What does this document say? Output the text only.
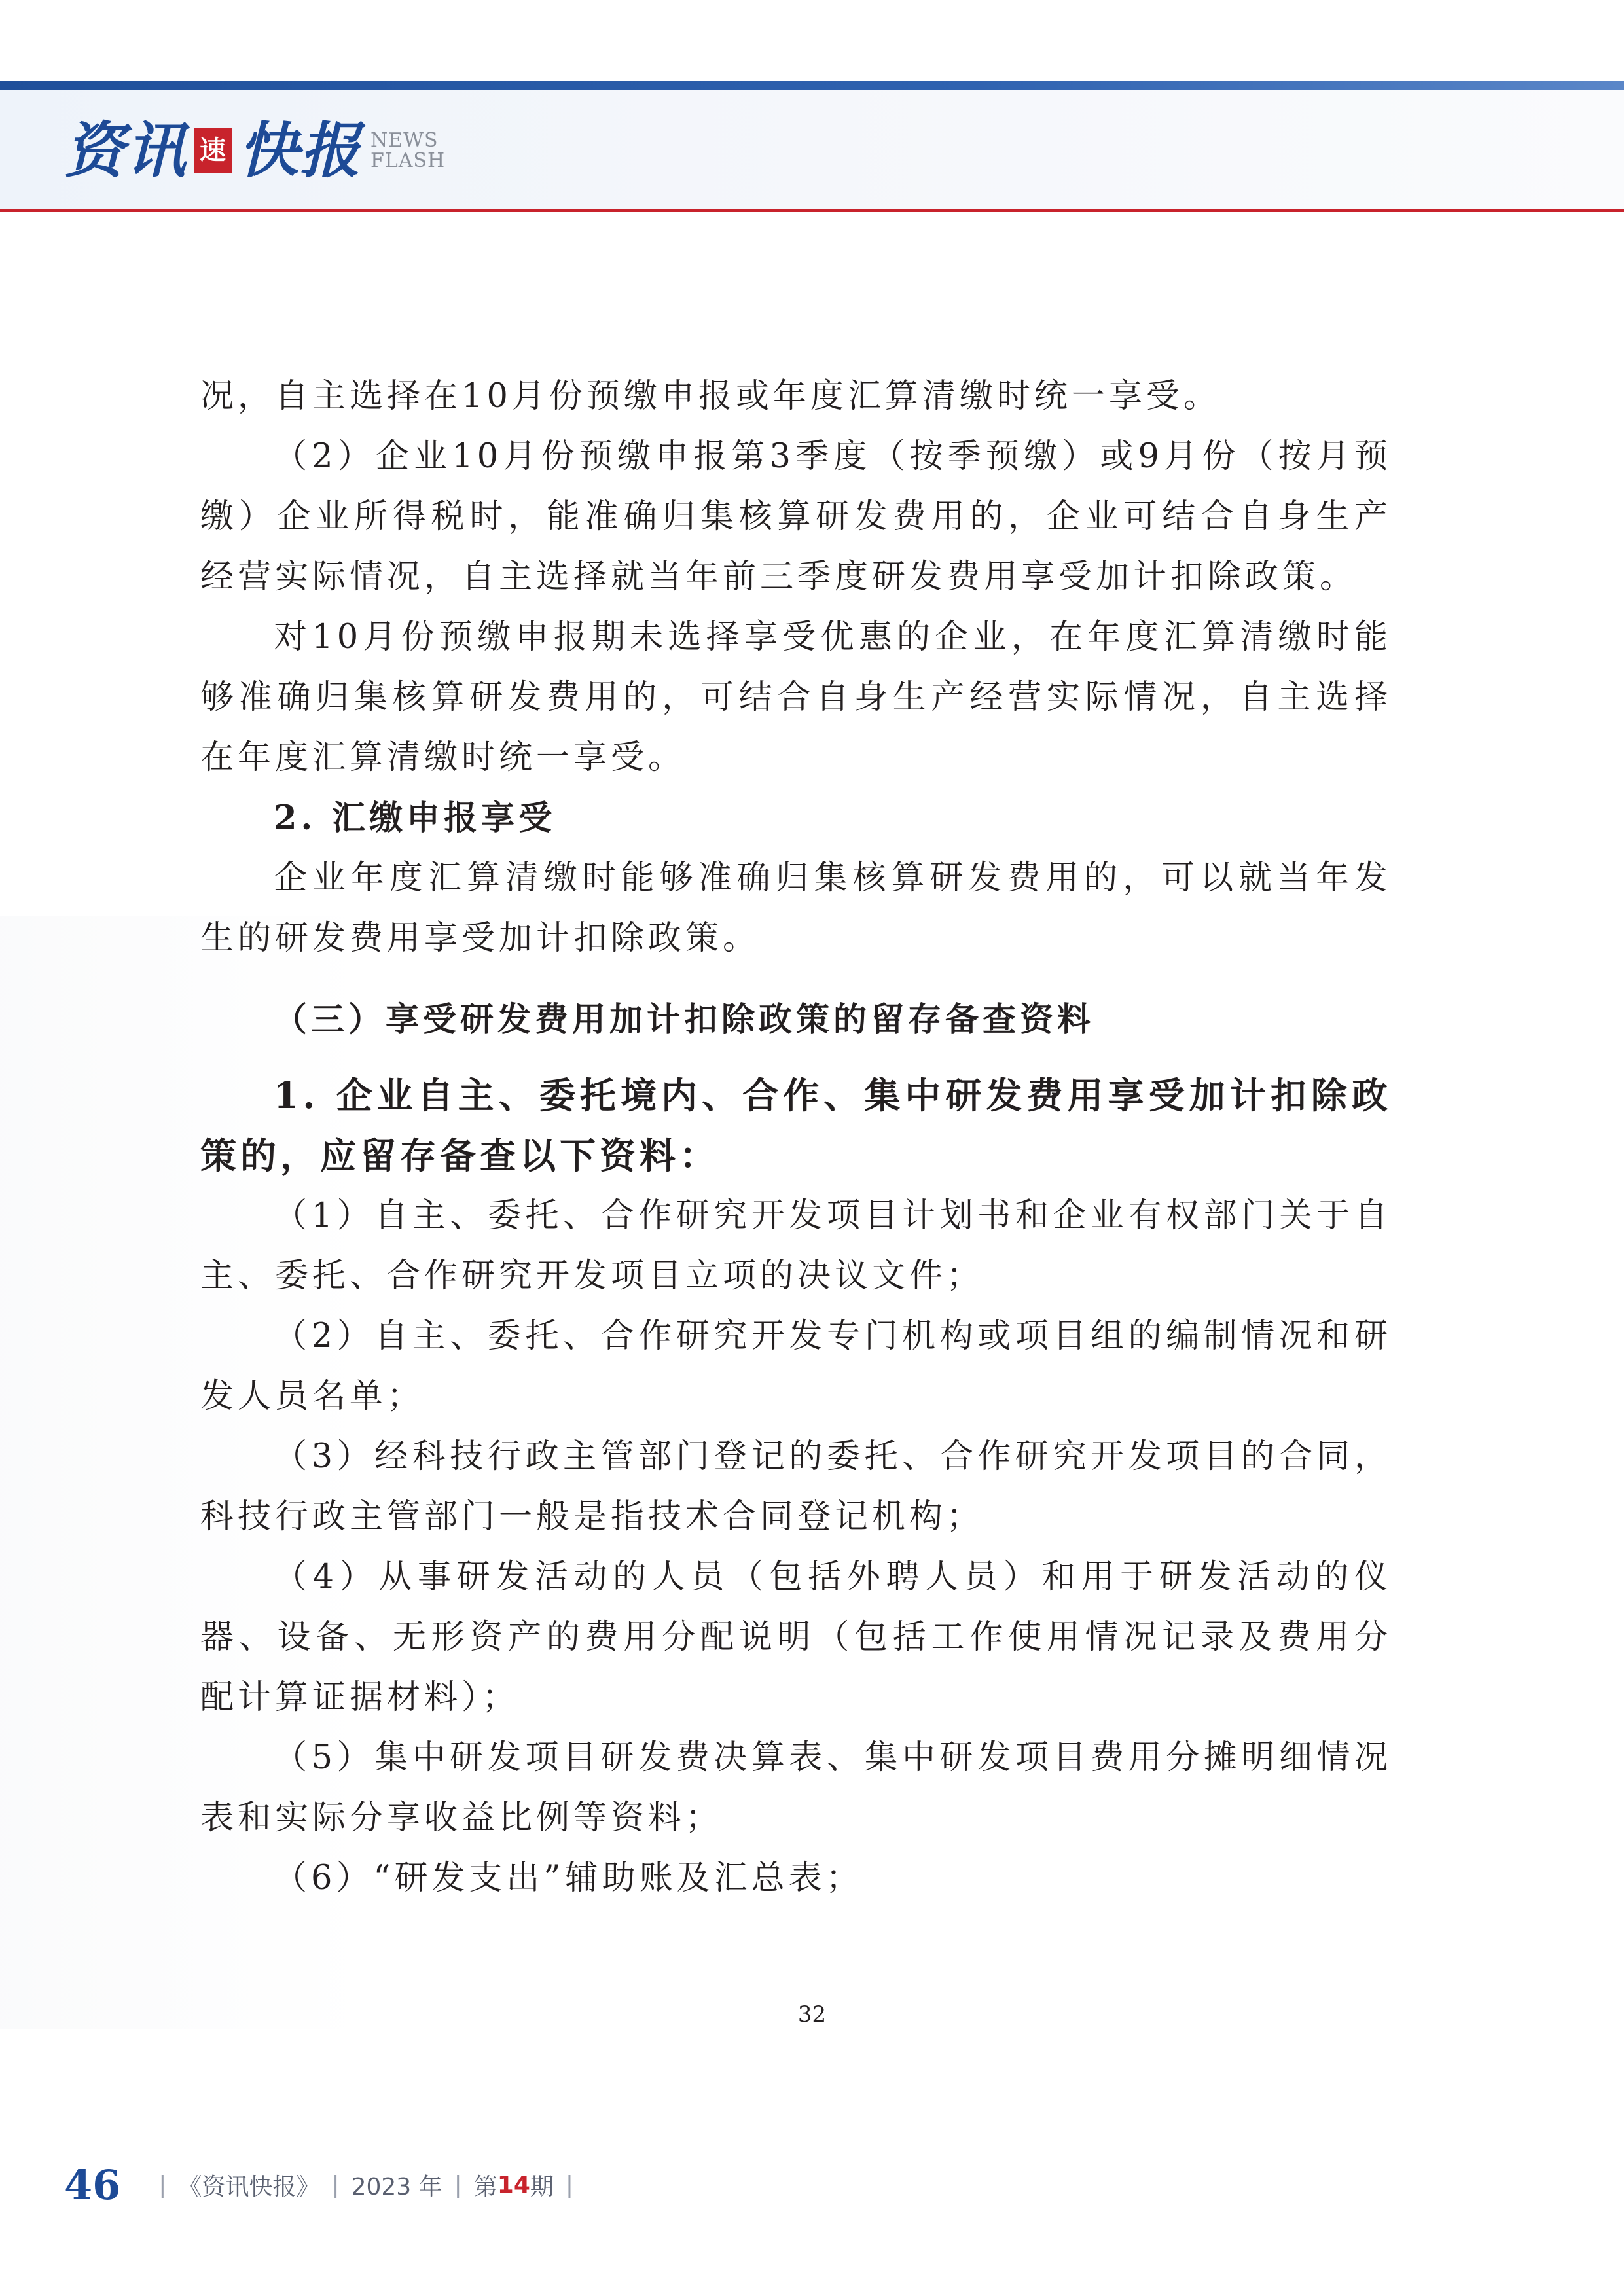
资讯 速 快报 NEWS
FLASH

况，自主选择在10月份预缴申报或年度汇算清缴时统一享受。

（2）企业10月份预缴申报第3季度（按季预缴）或9月份（按月预缴）企业所得税时，能准确归集核算研发费用的，企业可结合自身生产经营实际情况，自主选择就当年前三季度研发费用享受加计扣除政策。

对10月份预缴申报期未选择享受优惠的企业，在年度汇算清缴时能够准确归集核算研发费用的，可结合自身生产经营实际情况，自主选择在年度汇算清缴时统一享受。

2. 汇缴申报享受

企业年度汇算清缴时能够准确归集核算研发费用的，可以就当年发生的研发费用享受加计扣除政策。

（三）享受研发费用加计扣除政策的留存备查资料

1. 企业自主、委托境内、合作、集中研发费用享受加计扣除政策的，应留存备查以下资料：

（1）自主、委托、合作研究开发项目计划书和企业有权部门关于自主、委托、合作研究开发项目立项的决议文件；

（2）自主、委托、合作研究开发专门机构或项目组的编制情况和研发人员名单；

（3）经科技行政主管部门登记的委托、合作研究开发项目的合同，科技行政主管部门一般是指技术合同登记机构；

（4）从事研发活动的人员（包括外聘人员）和用于研发活动的仪器、设备、无形资产的费用分配说明（包括工作使用情况记录及费用分配计算证据材料）；

（5）集中研发项目研发费决算表、集中研发项目费用分摊明细情况表和实际分享收益比例等资料；

（6）“研发支出”辅助账及汇总表；

32
46 | 《资讯快报》 | 2023 年 | 第 14 期 |
